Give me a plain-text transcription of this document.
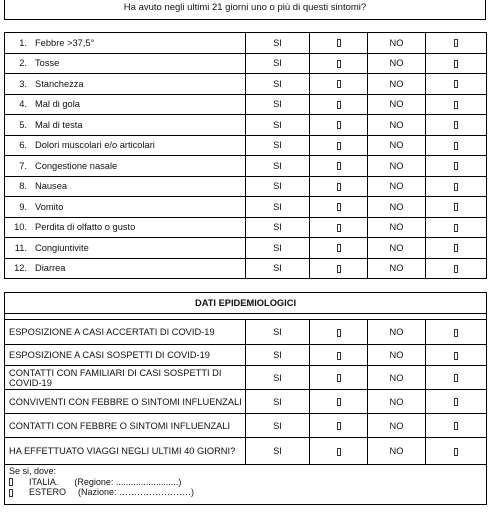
Ha avuto negli ultimi 21 giorni uno o più di questi sintomi?
1. Febbre >37,5°	SI		NO	
2. Tosse	SI		NO	
3. Stanchezza	SI		NO	
4. Mal di gola	SI		NO	
5. Mal di testa	SI		NO	
6. Dolori muscolari e/o articolari	SI		NO	
7. Congestione nasale	SI		NO	
8. Nausea	SI		NO	
9. Vomito	SI		NO	
10. Perdita di olfatto o gusto	SI		NO	
11. Congiuntivite	SI		NO	
12. Diarrea	SI		NO	
DATI EPIDEMIOLOGICI				

ESPOSIZIONE A CASI ACCERTATI DI COVID-19	SI		NO	
ESPOSIZIONE A CASI SOSPETTI DI COVID-19	SI		NO	
CONTATTI CON FAMILIARI DI CASI SOSPETTI DI COVID-19	SI		NO	
CONVIVENTI CON FEBBRE O SINTOMI INFLUENZALI	SI		NO	
CONTATTI CON FEBBRE O SINTOMI INFLUENZALI	SI		NO	
HA EFFETTUATO VIAGGI NEGLI ULTIMI 40 GIORNI?	SI		NO	

Se si, dove:
ITALIA. (Regione: .........................)
ESTERO (Nazione: ……………………)				
